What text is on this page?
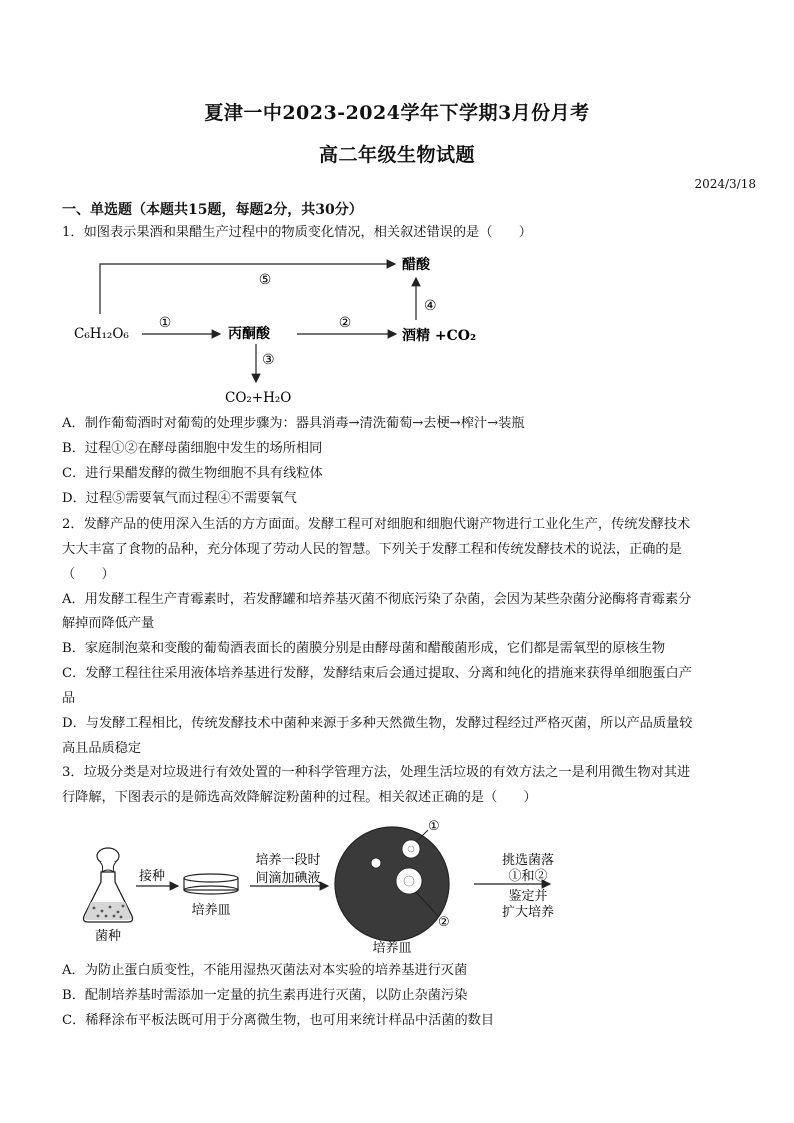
夏津一中2023-2024学年下学期3月份月考
高二年级生物试题
2024/3/18
一、单选题（本题共15题，每题2分，共30分）
1．如图表示果酒和果醋生产过程中的物质变化情况，相关叙述错误的是（　　）
⑤
醋酸
C₆H₁₂O₆
①
丙酮酸
②
酒精 +CO₂
④
③
CO₂+H₂O
A．制作葡萄酒时对葡萄的处理步骤为：器具消毒→清洗葡萄→去梗→榨汁→装瓶
B．过程①②在酵母菌细胞中发生的场所相同
C．进行果醋发酵的微生物细胞不具有线粒体
D．过程⑤需要氧气而过程④不需要氧气
2．发酵产品的使用深入生活的方方面面。发酵工程可对细胞和细胞代谢产物进行工业化生产，传统发酵技术
大大丰富了食物的品种，充分体现了劳动人民的智慧。下列关于发酵工程和传统发酵技术的说法，正确的是
（　　）
A．用发酵工程生产青霉素时，若发酵罐和培养基灭菌不彻底污染了杂菌，会因为某些杂菌分泌酶将青霉素分
解掉而降低产量
B．家庭制泡菜和变酸的葡萄酒表面长的菌膜分别是由酵母菌和醋酸菌形成，它们都是需氧型的原核生物
C．发酵工程往往采用液体培养基进行发酵，发酵结束后会通过提取、分离和纯化的措施来获得单细胞蛋白产
品
D．与发酵工程相比，传统发酵技术中菌种来源于多种天然微生物，发酵过程经过严格灭菌，所以产品质量较
高且品质稳定
3．垃圾分类是对垃圾进行有效处置的一种科学管理方法，处理生活垃圾的有效方法之一是利用微生物对其进
行降解，下图表示的是筛选高效降解淀粉菌种的过程。相关叙述正确的是（　　）
菌种
接种
培养皿
培养一段时
间滴加碘液
①
②
培养皿
挑选菌落
①和②
鉴定并
扩大培养
A．为防止蛋白质变性，不能用湿热灭菌法对本实验的培养基进行灭菌
B．配制培养基时需添加一定量的抗生素再进行灭菌，以防止杂菌污染
C．稀释涂布平板法既可用于分离微生物，也可用来统计样品中活菌的数目
